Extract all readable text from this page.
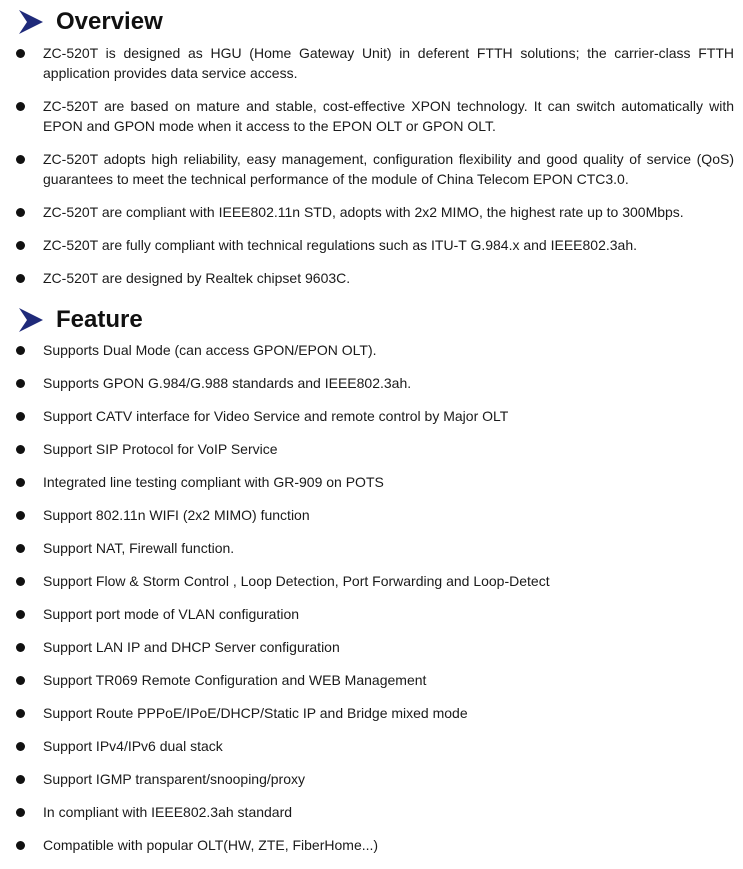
Overview
ZC-520T is designed as HGU (Home Gateway Unit) in deferent FTTH solutions; the carrier-class FTTH application provides data service access.
ZC-520T are based on mature and stable, cost-effective XPON technology. It can switch automatically with EPON and GPON mode when it access to the EPON OLT or GPON OLT.
ZC-520T adopts high reliability, easy management, configuration flexibility and good quality of service (QoS) guarantees to meet the technical performance of the module of China Telecom EPON CTC3.0.
ZC-520T are compliant with IEEE802.11n STD, adopts with 2x2 MIMO, the highest rate up to 300Mbps.
ZC-520T are fully compliant with technical regulations such as ITU-T G.984.x and IEEE802.3ah.
ZC-520T are designed by Realtek chipset 9603C.
Feature
Supports Dual Mode (can access GPON/EPON OLT).
Supports GPON G.984/G.988 standards and IEEE802.3ah.
Support CATV interface for Video Service and remote control by Major OLT
Support SIP Protocol for VoIP Service
Integrated line testing compliant with GR-909 on POTS
Support 802.11n WIFI (2x2 MIMO) function
Support NAT, Firewall function.
Support Flow & Storm Control , Loop Detection, Port Forwarding and Loop-Detect
Support port mode of VLAN configuration
Support LAN IP and DHCP Server configuration
Support TR069 Remote Configuration and WEB Management
Support Route PPPoE/IPoE/DHCP/Static IP and Bridge mixed mode
Support IPv4/IPv6 dual stack
Support IGMP transparent/snooping/proxy
In compliant with IEEE802.3ah standard
Compatible with popular OLT(HW, ZTE, FiberHome...)
